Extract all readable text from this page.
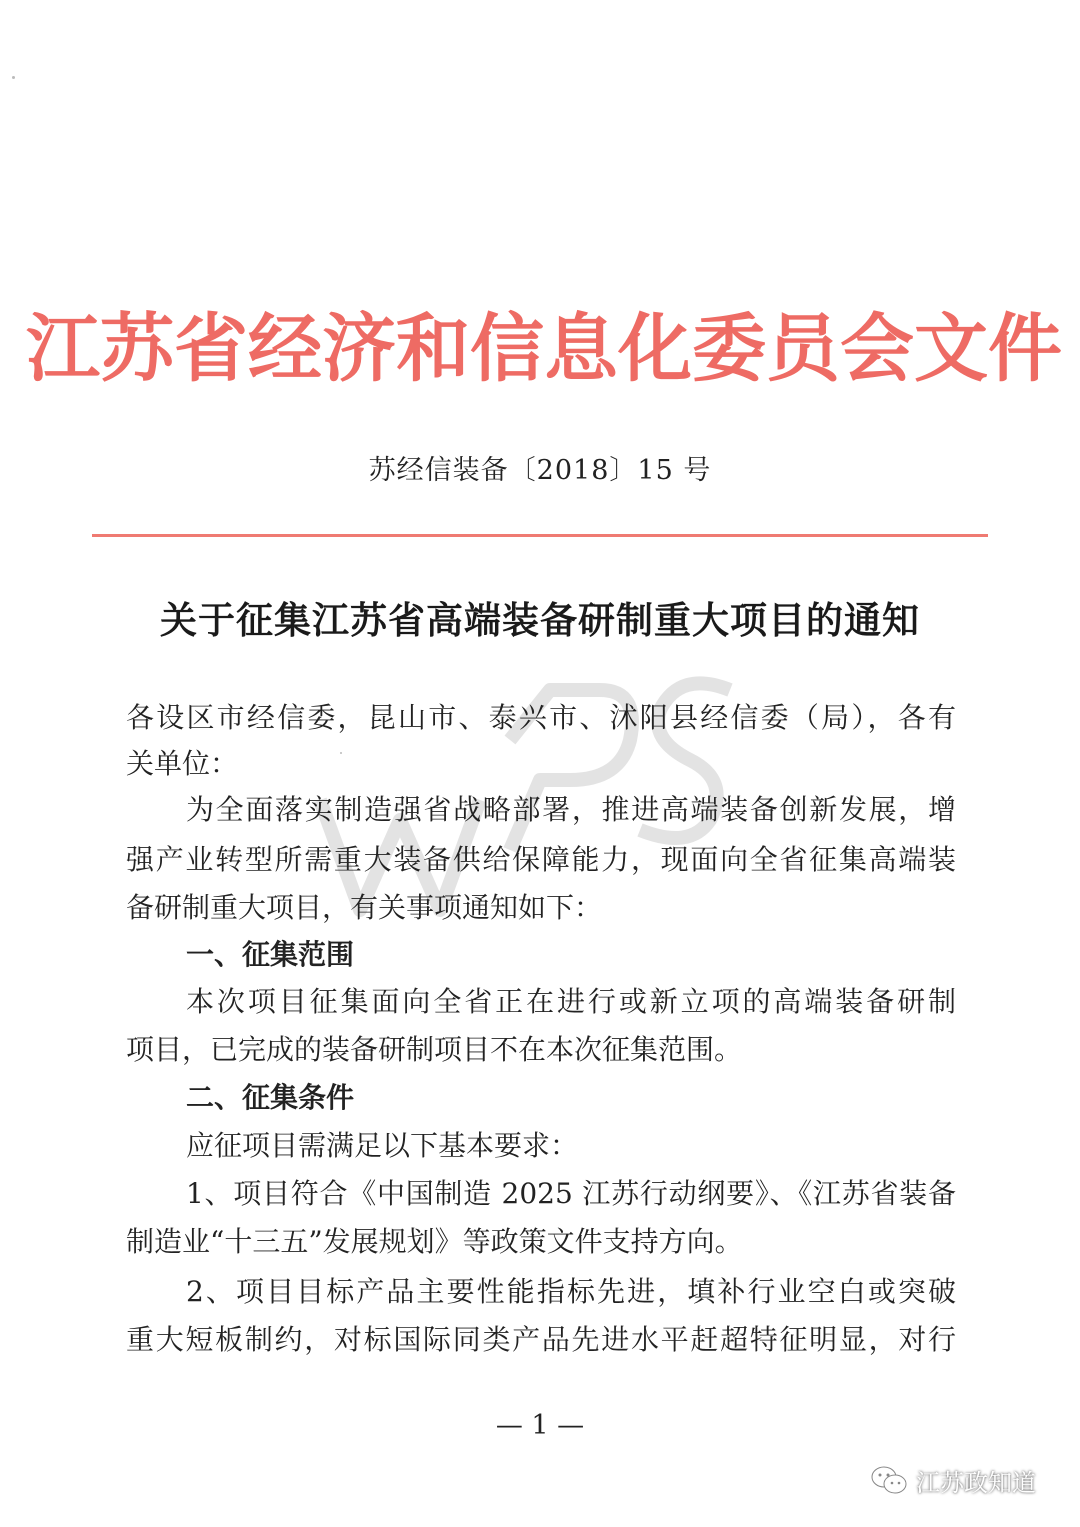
江苏省经济和信息化委员会文件
苏经信装备〔2018〕15 号
关于征集江苏省高端装备研制重大项目的通知
各设区市经信委，昆山市、泰兴市、沭阳县经信委（局），各有
关单位：
为全面落实制造强省战略部署，推进高端装备创新发展，增
强产业转型所需重大装备供给保障能力，现面向全省征集高端装
备研制重大项目，有关事项通知如下：
一、征集范围
本次项目征集面向全省正在进行或新立项的高端装备研制
项目，已完成的装备研制项目不在本次征集范围。
二、征集条件
应征项目需满足以下基本要求：
1、项目符合《中国制造 2025 江苏行动纲要》、《江苏省装备
制造业“十三五”发展规划》等政策文件支持方向。
2、项目目标产品主要性能指标先进，填补行业空白或突破
重大短板制约，对标国际同类产品先进水平赶超特征明显，对行
— 1 —
江苏政知道
